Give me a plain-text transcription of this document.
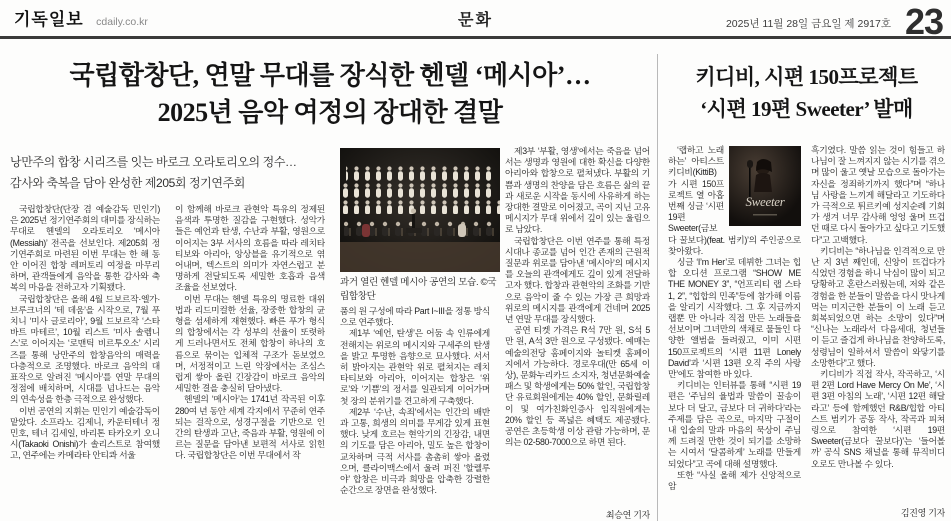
기독일보 cdaily.co.kr	문화	2025년 11월 28일 금요일 제 2917호 23
국립합창단, 연말 무대를 장식한 헨델 ‘메시아’…
2025년 음악 여정의 장대한 결말
낭만주의 합창 시리즈를 잇는 바로크 오라토리오의 정수…
감사와 축복을 담아 완성한 제205회 정기연주회
과거 열린 헨델 메시아 공연의 모습. ©국립합창단

국립합창단(단장 겸 예술감독 민인기)은 2025년 정기연주회의 대미를 장식하는 무대로 헨델의 오라토리오 ‘메시아(Messiah)’ 전곡을 선보인다. 제205회 정기연주회로 마련된 이번 무대는 한 해 동안 이어진 합창 레퍼토리 여정을 마무리하며, 관객들에게 음악을 통한 감사와 축복의 마음을 전하고자 기획됐다.

국립합창단은 올해 4월 드보르작·엘가·브루크너의 ‘테 데움’을 시작으로, 7월 푸치니 ‘미사 글로리아’, 9월 드보르작 ‘스타바트 마테르’, 10월 리스트 ‘미사 솔렘니스’로 이어지는 ‘로맨틱 비르투오소’ 시리즈를 통해 낭만주의 합창음악의 매력을 다층적으로 조명했다. 바로크 음악의 대표작으로 알려진 ‘메시아’를 연말 무대의 정점에 배치하며, 시대를 넘나드는 음악의 연속성을 한층 극적으로 완성했다.

이번 공연의 지휘는 민인기 예술감독이 맡았다. 소프라노 김제니, 카운터테너 정민호, 테너 김세일, 바리톤 타카오키 오니시(Takaoki Onishi)가 솔리스트로 참여했고, 연주에는 카메라타 안티콰 서울

이 함께해 바로크 관현악 특유의 정제된 음색과 투명한 질감을 구현했다. 성악가들은 예언과 탄생, 수난과 부활, 영원으로 이어지는 3부 서사의 흐름을 따라 레치타티보와 아리아, 앙상블을 유기적으로 엮어내며, 텍스트의 의미가 자연스럽고 분명하게 전달되도록 세밀한 호흡과 음색 조율을 선보였다.

이번 무대는 헨델 특유의 명료한 대위법과 리드미컬한 선율, 장중한 합창의 균형을 섬세하게 재현했다. 빠른 푸가 형식의 합창에서는 각 성부의 선율이 또렷하게 드러나면서도 전체 합창이 하나의 흐름으로 묶이는 입체적 구조가 돋보였으며, 서정적이고 느린 악장에서는 조심스럽게 쌓아 올린 긴장감이 바로크 음악의 세밀한 결을 충실히 담아냈다.

헨델의 ‘메시아’는 1741년 작곡된 이후 280여 년 동안 세계 각지에서 꾸준히 연주되는 걸작으로, 성경구절을 기반으로 인간의 탄생과 고난, 죽음과 부활, 영원에 이르는 질문을 담아낸 보편적 서사로 읽힌다. 국립합창단은 이번 무대에서 작

품의 원 구성에 따라 Part I~III을 정통 방식으로 연주했다.

제1부 ‘예언, 탄생’은 어둠 속 인류에게 전해지는 위로의 메시지와 구세주의 탄생을 밝고 투명한 음향으로 묘사했다. 서서히 밝아지는 관현악 위로 펼쳐지는 레치타티보와 아리아, 이어지는 합창은 ‘위로’와 ‘기쁨’의 정서를 일관되게 이어가며 첫 장의 분위기를 견고하게 구축했다.

제2부 ‘수난, 속죄’에서는 인간의 배반과 고통, 희생의 의미를 무게감 있게 표현했다. 낮게 흐르는 현악기의 긴장감, 내면의 기도를 담은 아리아, 밀도 높은 합창이 교차하며 극적 서사를 촘촘히 쌓아 올렸으며, 클라이맥스에서 울려 퍼진 ‘할렐루야’ 합창은 비극과 희망을 압축한 강렬한 순간으로 장면을 완성했다.

최승연 기자

제3부 ‘부활, 영생’에서는 죽음을 넘어서는 생명과 영원에 대한 확신을 다양한 아리아와 합창으로 펼쳐냈다. 부활의 기쁨과 생명의 찬양을 담은 흐름은 삶의 끝과 새로운 시작을 동시에 사유하게 하는 장대한 결말로 이어졌고, 곡이 지닌 고유 메시지가 무대 위에서 깊이 있는 울림으로 남았다.

국립합창단은 이번 연주를 통해 특정 시대나 종교를 넘어 인간 존재의 근원적 질문과 위로를 담아낸 ‘메시아’의 메시지를 오늘의 관객에게도 깊이 있게 전달하고자 했다. 합창과 관현악의 조화를 기반으로 음악이 줄 수 있는 가장 큰 희망과 위로의 메시지를 관객에게 건네며 2025년 연말 무대를 장식했다.

공연 티켓 가격은 R석 7만 원, S석 5만 원, A석 3만 원으로 구성됐다. 예매는 예술의전당 홈페이지와 놀티켓 홈페이지에서 가능하다. 경로우대(만 65세 이상), 문화누리카드 소지자, 청년문화예술패스 및 학생에게는 50% 할인, 국립합창단 유료회원에게는 40% 할인, 문화릴레이 및 여가친화인증사 임직원에게는 20% 할인 등 폭넓은 혜택도 제공됐다. 공연은 초등학생 이상 관람 가능하며, 문의는 02-580-7000으로 하면 된다.

키디비, 시편 150프로젝트
‘시편 19편 Sweeter’ 발매
Sweeter

‘랩하고 노래하는’ 아티스트 키디비(KittiB)가 시편 150프로젝트 열 아홉 번째 싱글 ‘시편 19편 Sweeter(금보다 꿀보다)(feat. 범키)’의 주인공으로 찾아왔다.

싱글 ‘I’m Her’로 데뷔한 그녀는 힙합 오디션 프로그램 “SHOW ME THE MONEY 3”, “언프리티 랩 스타 1, 2”, “힙합의 민족”등에 참가해 이름을 알리기 시작했다. 그 후 지금까지 랩뿐 만 아니라 직접 만든 노래들을 선보이며 그녀만의 색채로 물들인 다양한 앨범을 들려줬고, 이미 시편 150프로젝트의 ‘시편 11편 Lonely David’과 ‘시편 13편 오직 주의 사랑만’에도 참여한 바 있다.

키디비는 인터뷰를 통해 “시편 19편은 ‘주님의 율법과 말씀이 꿀송이보다 더 달고, 금보다 더 귀하다’라는 주제를 담은 곡으로, 마지막 구절이 내 입술의 말과 마음의 묵상이 주님께 드려질 만한 것이 되기를 소망하는 시여서 ‘달콤하게’ 노래를 만들게 되었다”고 곡에 대해 설명했다.

또한 “사실 올해 제가 신앙적으로 암

김진영 기자

흑기였다. 말씀 읽는 것이 힘들고 하나님이 잘 느껴지지 않는 시기를 겪으며 많이 울고 옛날 모습으로 돌아가는 자신을 정죄하기까지 했다”며 “하나님 사랑을 느끼게 해달라고 기도하다가 극적으로 튀르키예 성지순례 기회가 생겨 너무 감사해 엉엉 울며 뜨겁던 때로 다시 돌아가고 싶다고 기도했다”고 고백했다.

키디비는 “하나님을 인격적으로 만난 지 3년 째인데, 신앙이 뜨겁다가 식었던 경험을 하니 낙심이 많이 되고 당황하고 혼란스러웠는데, 저와 같은 경험을 한 분들이 말씀을 다시 맛나게 먹는 미지근한 분들이 이 노래 듣고 회복되었으면 하는 소망이 있다”며 “신나는 노래라서 다음세대, 청년들이 듣고 즐겁게 하나님을 찬양하도록, 성령님이 일하셔서 말씀이 와닿기를 소망한다”고 했다.

키디비가 직접 작사, 작곡하고, ‘시편 2편 Lord Have Mercy On Me’, ‘시편 3편 아침의 노래’, ‘시편 12편 해달라고’ 등에 함께했던 R&B/힙합 아티스트 범키가 공동 작사, 작곡과 피쳐링으로 참여한 ‘시편 19편 Sweeter(금보다 꿀보다)’는 ‘들어볼까’ 공식 SNS 채널을 통해 뮤직비디오로도 만나볼 수 있다.
